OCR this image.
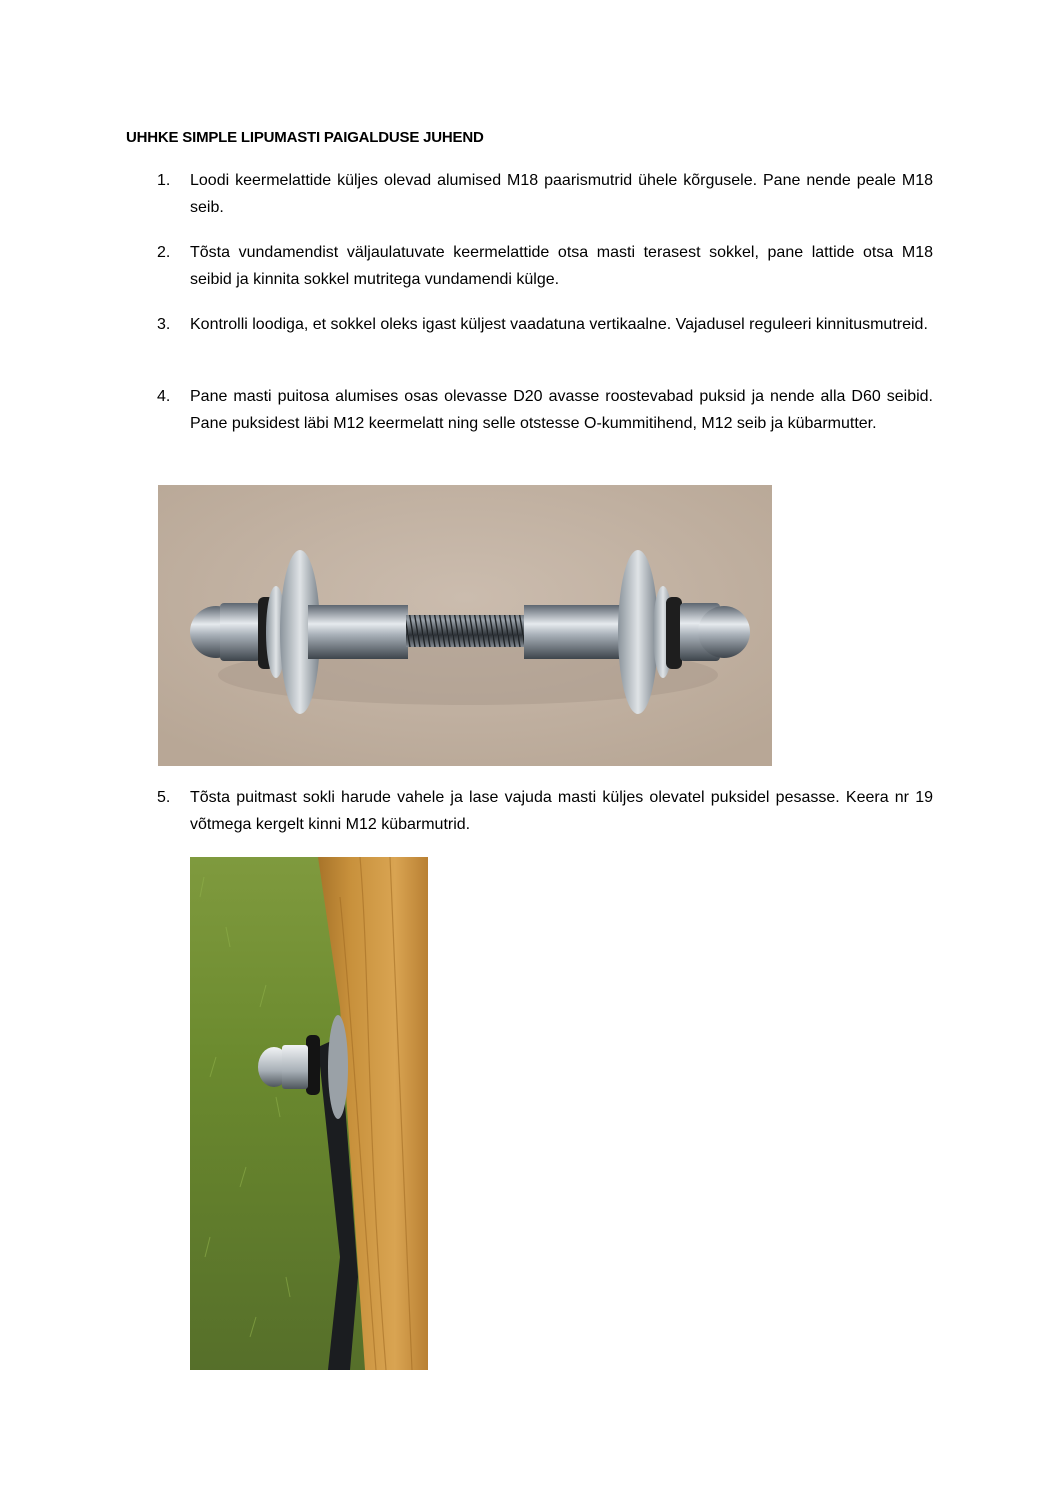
UHHKE SIMPLE LIPUMASTI PAIGALDUSE JUHEND
1.	Loodi keermelattide küljes olevad alumised M18 paarismutrid ühele kõrgusele. Pane nende peale M18 seib.
2.	Tõsta vundamendist väljaulatuvate keermelattide otsa masti terasest sokkel, pane lattide otsa M18 seibid ja kinnita sokkel mutritega vundamendi külge.
3.	Kontrolli loodiga, et sokkel oleks igast küljest vaadatuna vertikaalne. Vajadusel reguleeri kinnitusmutreid.
4.	Pane masti puitosa alumises osas olevasse D20 avasse roostevabad puksid ja nende alla D60 seibid. Pane puksidest läbi M12 keermelatt ning selle otstesse O-kummitihend, M12 seib ja kübarmutter.
5.	Tõsta puitmast sokli harude vahele ja lase vajuda masti küljes olevatel puksidel pesasse. Keera nr 19 võtmega kergelt kinni M12 kübarmutrid.
